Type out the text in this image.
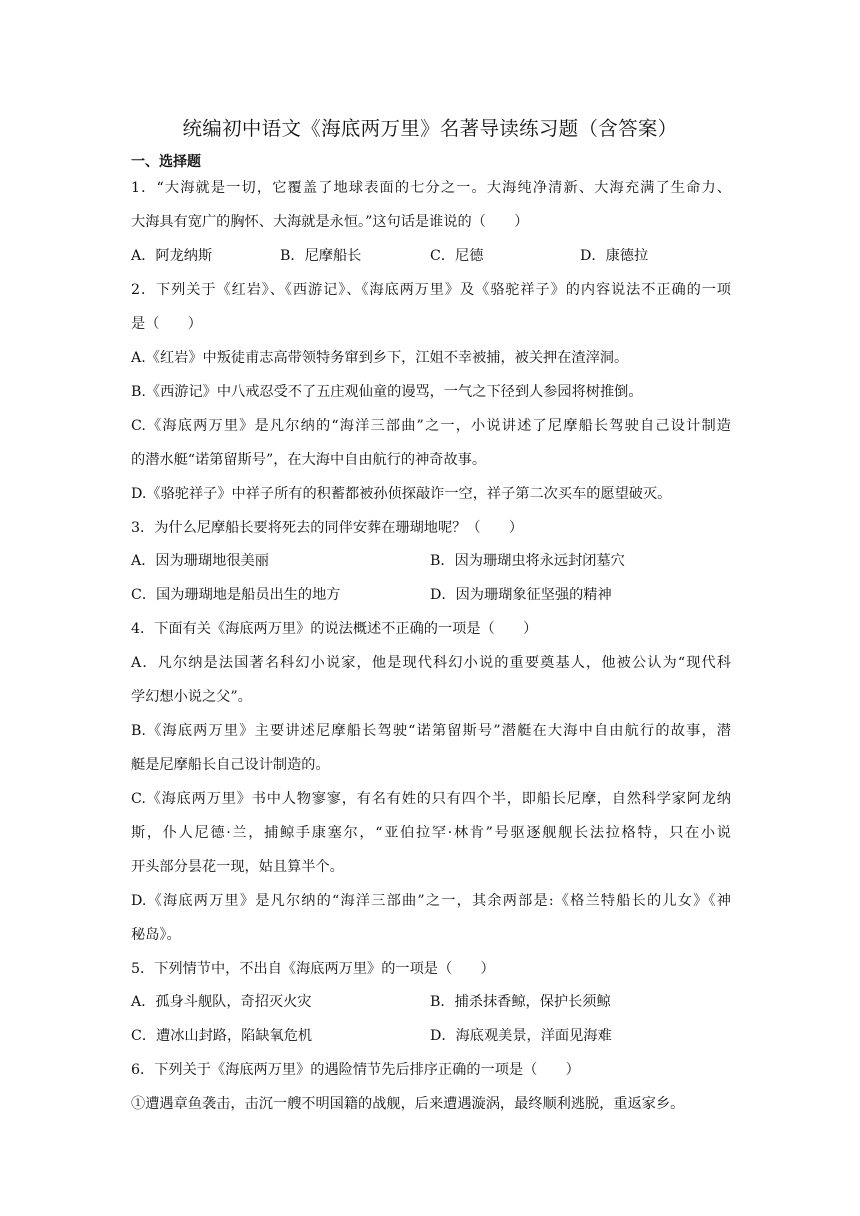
统编初中语文《海底两万里》名著导读练习题（含答案）
一、选择题
1．“大海就是一切，它覆盖了地球表面的七分之一。大海纯净清新、大海充满了生命力、
大海具有宽广的胸怀、大海就是永恒。”这句话是谁说的（　　）
A．阿龙纳斯	B．尼摩船长	C．尼德	D．康德拉
2．下列关于《红岩》、《西游记》、《海底两万里》及《骆驼祥子》的内容说法不正确的一项
是（　　）
A.《红岩》中叛徒甫志高带领特务窜到乡下，江姐不幸被捕，被关押在渣滓洞。
B.《西游记》中八戒忍受不了五庄观仙童的谩骂，一气之下径到人参园将树推倒。
C.《海底两万里》是凡尔纳的“海洋三部曲”之一，小说讲述了尼摩船长驾驶自己设计制造
的潜水艇“诺第留斯号”，在大海中自由航行的神奇故事。
D.《骆驼祥子》中祥子所有的积蓄都被孙侦探敲诈一空，祥子第二次买车的愿望破灭。
3．为什么尼摩船长要将死去的同伴安葬在珊瑚地呢？（　　）
A．因为珊瑚地很美丽	B．因为珊瑚虫将永远封闭墓穴
C．国为珊瑚地是船员出生的地方	D．因为珊瑚象征坚强的精神
4．下面有关《海底两万里》的说法概述不正确的一项是（　　）
A．凡尔纳是法国著名科幻小说家，他是现代科幻小说的重要奠基人，他被公认为“现代科
学幻想小说之父”。
B.《海底两万里》主要讲述尼摩船长驾驶“诺第留斯号”潜艇在大海中自由航行的故事，潜
艇是尼摩船长自己设计制造的。
C.《海底两万里》书中人物寥寥，有名有姓的只有四个半，即船长尼摩，自然科学家阿龙纳
斯，仆人尼德·兰，捕鲸手康塞尔，“亚伯拉罕·林肯”号驱逐舰舰长法拉格特，只在小说
开头部分昙花一现，姑且算半个。
D.《海底两万里》是凡尔纳的“海洋三部曲”之一，其余两部是:《格兰特船长的儿女》《神
秘岛》。
5．下列情节中，不出自《海底两万里》的一项是（　　）
A．孤身斗舰队，奇招灭火灾	B．捕杀抹香鲸，保护长须鲸
C．遭冰山封路，陷缺氧危机	D．海底观美景，洋面见海难
6．下列关于《海底两万里》的遇险情节先后排序正确的一项是（　　）
①遭遇章鱼袭击，击沉一艘不明国籍的战舰，后来遭遇漩涡，最终顺利逃脱，重返家乡。
